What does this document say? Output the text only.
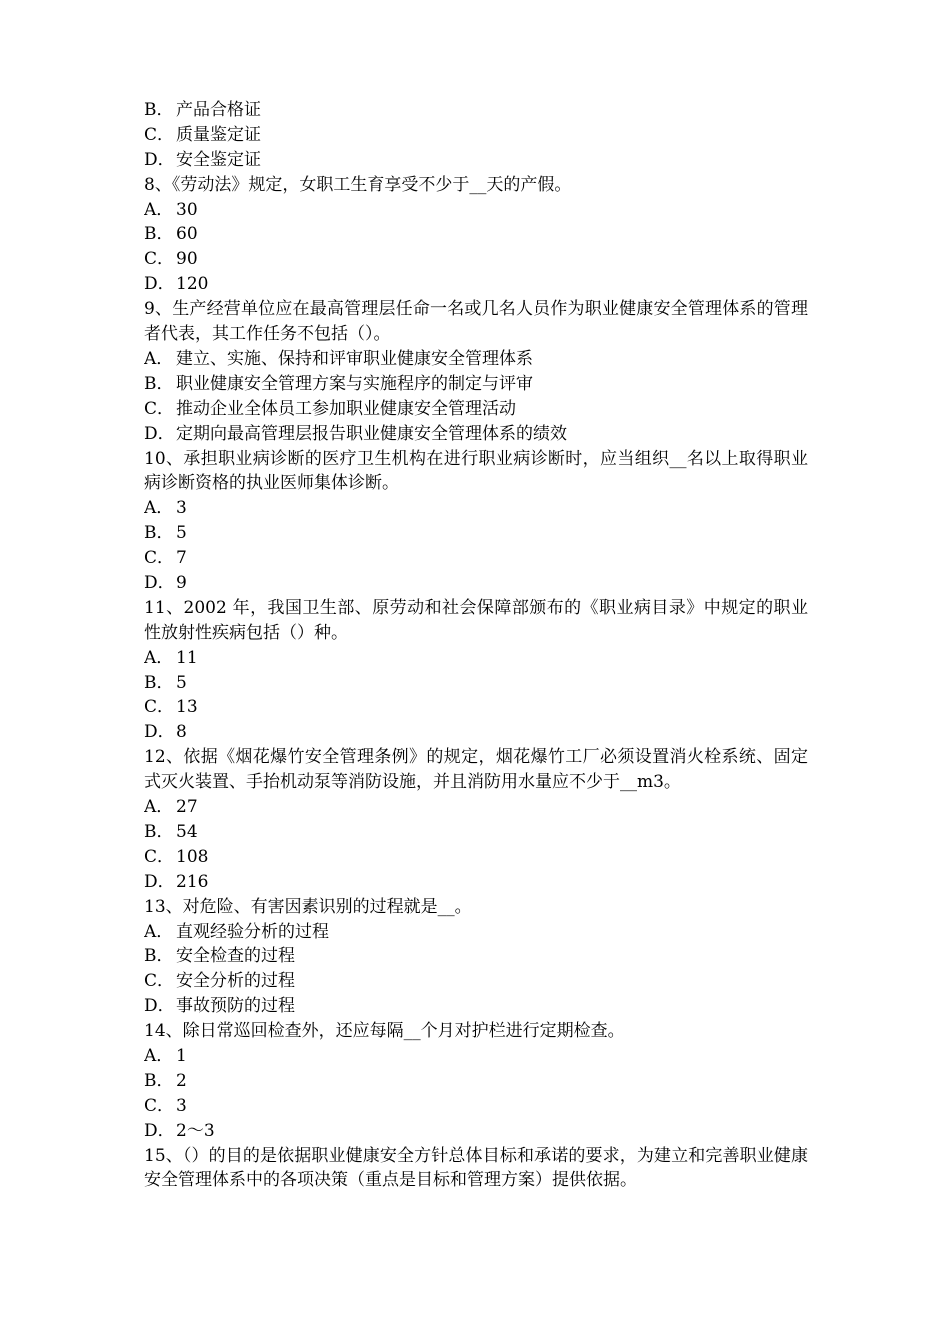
B． 产品合格证
C． 质量鉴定证
D．安全鉴定证
8、《劳动法》规定，女职工生育享受不少于__天的产假。
A． 30
B． 60
C． 90
D．120
9、生产经营单位应在最高管理层任命一名或几名人员作为职业健康安全管理体系的管理者代表，其工作任务不包括（）。
A． 建立、实施、保持和评审职业健康安全管理体系
B． 职业健康安全管理方案与实施程序的制定与评审
C． 推动企业全体员工参加职业健康安全管理活动
D．定期向最高管理层报告职业健康安全管理体系的绩效
10、承担职业病诊断的医疗卫生机构在进行职业病诊断时，应当组织__名以上取得职业病诊断资格的执业医师集体诊断。
A． 3
B． 5
C． 7
D．9
11、2002 年，我国卫生部、原劳动和社会保障部颁布的《职业病目录》中规定的职业性放射性疾病包括（）种。
A． 11
B． 5
C． 13
D．8
12、依据《烟花爆竹安全管理条例》的规定，烟花爆竹工厂必须设置消火栓系统、固定式灭火装置、手抬机动泵等消防设施，并且消防用水量应不少于__m3。
A． 27
B． 54
C． 108
D．216
13、对危险、有害因素识别的过程就是__。
A． 直观经验分析的过程
B． 安全检查的过程
C． 安全分析的过程
D．事故预防的过程
14、除日常巡回检查外，还应每隔__个月对护栏进行定期检查。
A． 1
B． 2
C． 3
D．2～3
15、（）的目的是依据职业健康安全方针总体目标和承诺的要求，为建立和完善职业健康安全管理体系中的各项决策（重点是目标和管理方案）提供依据。
